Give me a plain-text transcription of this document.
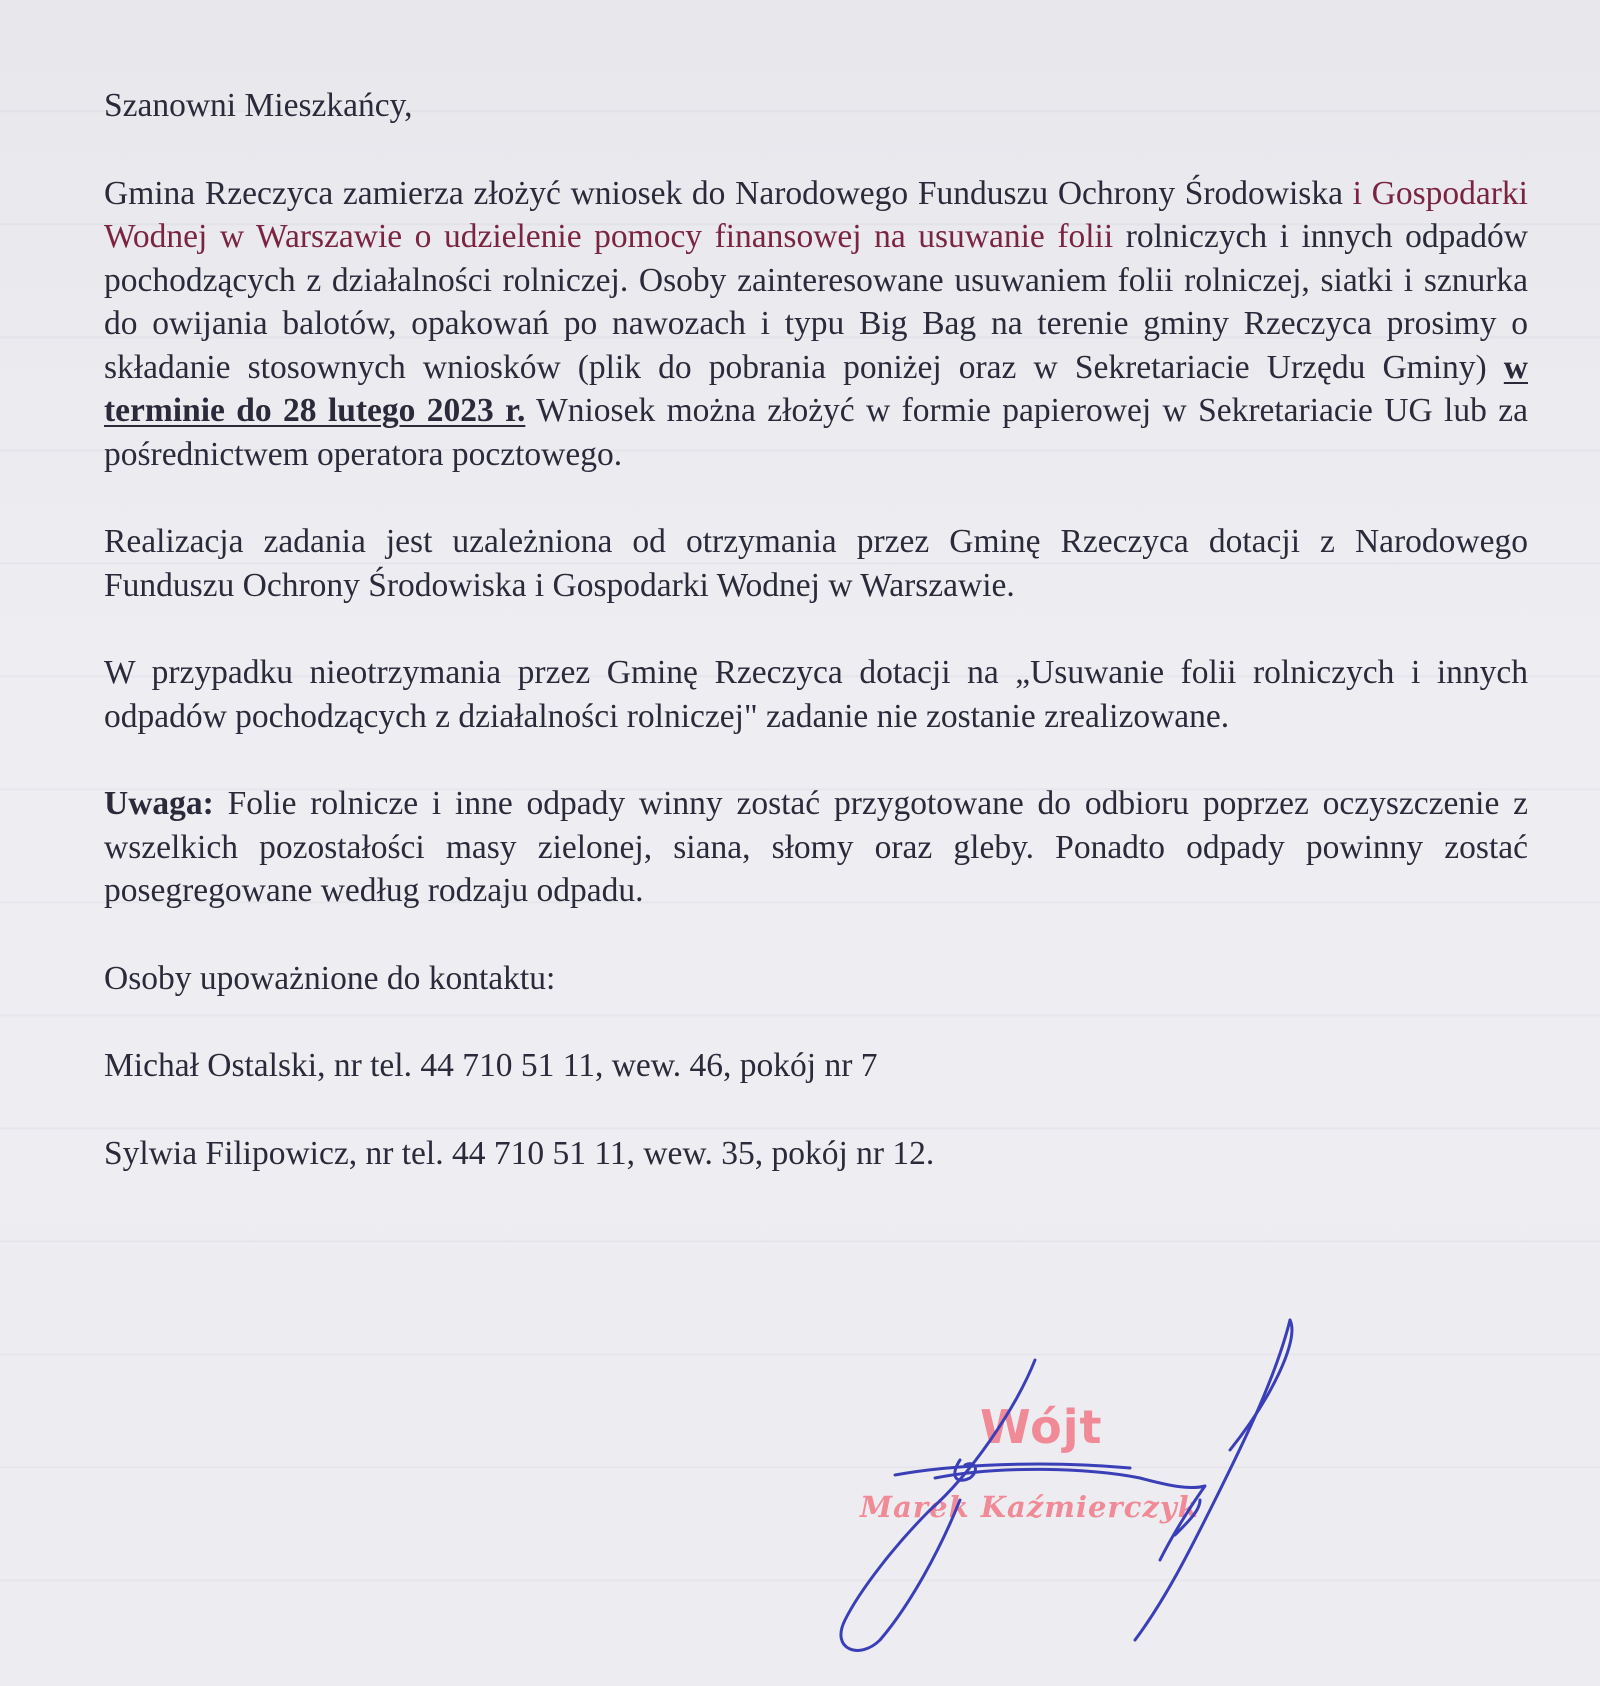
Szanowni Mieszkańcy,

Gmina Rzeczyca zamierza złożyć wniosek do Narodowego Funduszu Ochrony Środowiska i Gospodarki Wodnej w Warszawie o udzielenie pomocy finansowej na usuwanie folii rolniczych i innych odpadów pochodzących z działalności rolniczej. Osoby zainteresowane usuwaniem folii rolniczej, siatki i sznurka do owijania balotów, opakowań po nawozach i typu Big Bag na terenie gminy Rzeczyca prosimy o składanie stosownych wniosków (plik do pobrania poniżej oraz w Sekretariacie Urzędu Gminy) w terminie do 28 lutego 2023 r. Wniosek można złożyć w formie papierowej w Sekretariacie UG lub za pośrednictwem operatora pocztowego.

Realizacja zadania jest uzależniona od otrzymania przez Gminę Rzeczyca dotacji z Narodowego Funduszu Ochrony Środowiska i Gospodarki Wodnej w Warszawie.

W przypadku nieotrzymania przez Gminę Rzeczyca dotacji na „Usuwanie folii rolniczych i innych odpadów pochodzących z działalności rolniczej" zadanie nie zostanie zrealizowane.

Uwaga: Folie rolnicze i inne odpady winny zostać przygotowane do odbioru poprzez oczyszczenie z wszelkich pozostałości masy zielonej, siana, słomy oraz gleby. Ponadto odpady powinny zostać posegregowane według rodzaju odpadu.

Osoby upoważnione do kontaktu:

Michał Ostalski, nr tel. 44 710 51 11, wew. 46, pokój nr 7

Sylwia Filipowicz, nr tel. 44 710 51 11, wew. 35, pokój nr 12.

Wójt
Marek Kaźmierczyk
